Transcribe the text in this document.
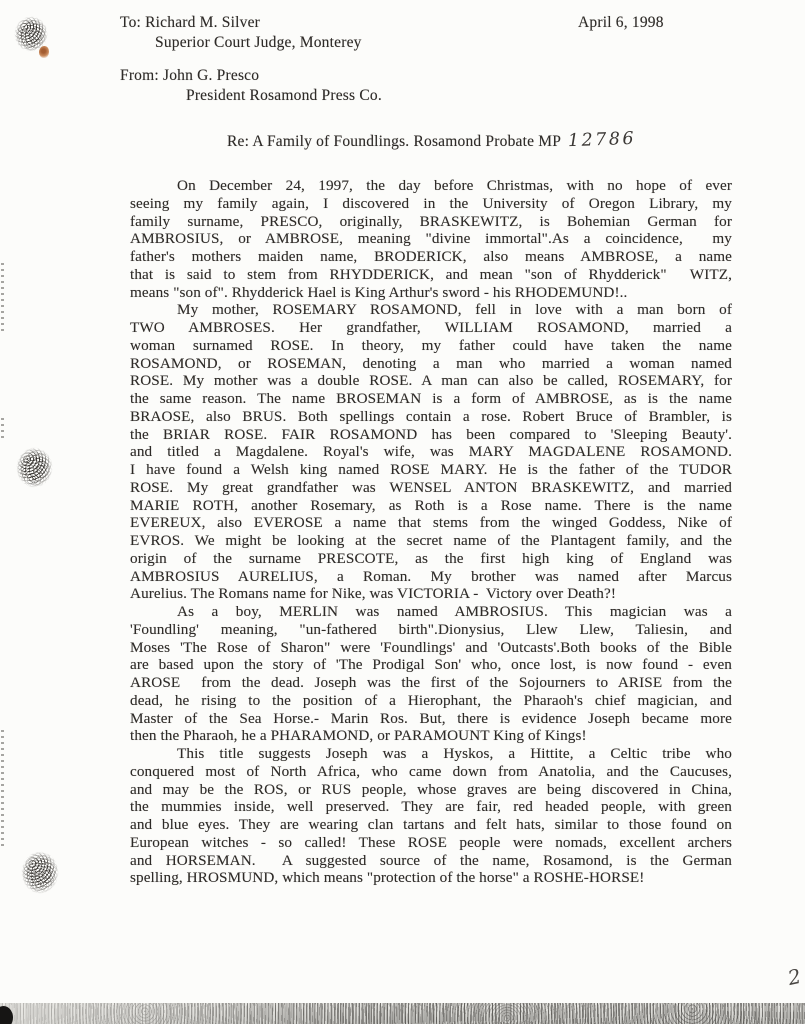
To: Richard M. Silver
Superior Court Judge, Monterey
April 6, 1998
From: John G. Presco
President Rosamond Press Co.
Re: A Family of Foundlings. Rosamond Probate MP 12786
On December 24, 1997, the day before Christmas, with no hope of ever
seeing my family again, I discovered in the University of Oregon Library, my
family surname, PRESCO, originally, BRASKEWITZ, is Bohemian German for
AMBROSIUS, or AMBROSE, meaning "divine immortal".As a coincidence,  my
father's mothers maiden name, BRODERICK, also means AMBROSE, a name
that is said to stem from RHYDDERICK, and mean "son of Rhydderick"  WITZ,
means "son of". Rhydderick Hael is King Arthur's sword - his RHODEMUND!..
My mother, ROSEMARY ROSAMOND, fell in love with a man born of
TWO AMBROSES. Her grandfather, WILLIAM ROSAMOND, married a
woman surnamed ROSE. In theory, my father could have taken the name
ROSAMOND, or ROSEMAN, denoting a man who married a woman named
ROSE. My mother was a double ROSE. A man can also be called, ROSEMARY, for
the same reason. The name BROSEMAN is a form of AMBROSE, as is the name
BRAOSE, also BRUS. Both spellings contain a rose. Robert Bruce of Brambler, is
the BRIAR ROSE. FAIR ROSAMOND has been compared to 'Sleeping Beauty'.
and titled a Magdalene. Royal's wife, was MARY MAGDALENE ROSAMOND.
I have found a Welsh king named ROSE MARY. He is the father of the TUDOR
ROSE. My great grandfather was WENSEL ANTON BRASKEWITZ, and married
MARIE ROTH, another Rosemary, as Roth is a Rose name. There is the name
EVEREUX, also EVEROSE a name that stems from the winged Goddess, Nike of
EVROS. We might be looking at the secret name of the Plantagent family, and the
origin of the surname PRESCOTE, as the first high king of England was
AMBROSIUS AURELIUS, a Roman. My brother was named after Marcus
Aurelius. The Romans name for Nike, was VICTORIA -  Victory over Death?!
As a boy, MERLIN was named AMBROSIUS. This magician was a
'Foundling' meaning, "un-fathered birth".Dionysius, Llew Llew, Taliesin, and
Moses 'The Rose of Sharon" were 'Foundlings' and 'Outcasts'.Both books of the Bible
are based upon the story of 'The Prodigal Son' who, once lost, is now found - even
AROSE  from the dead. Joseph was the first of the Sojourners to ARISE from the
dead, he rising to the position of a Hierophant, the Pharaoh's chief magician, and
Master of the Sea Horse.- Marin Ros. But, there is evidence Joseph became more
then the Pharaoh, he a PHARAMOND, or PARAMOUNT King of Kings!
This title suggests Joseph was a Hyskos, a Hittite, a Celtic tribe who
conquered most of North Africa, who came down from Anatolia, and the Caucuses,
and may be the ROS, or RUS people, whose graves are being discovered in China,
the mummies inside, well preserved. They are fair, red headed people, with green
and blue eyes. They are wearing clan tartans and felt hats, similar to those found on
European witches - so called! These ROSE people were nomads, excellent archers
and HORSEMAN.  A suggested source of the name, Rosamond, is the German
spelling, HROSMUND, which means "protection of the horse" a ROSHE-HORSE!
2
